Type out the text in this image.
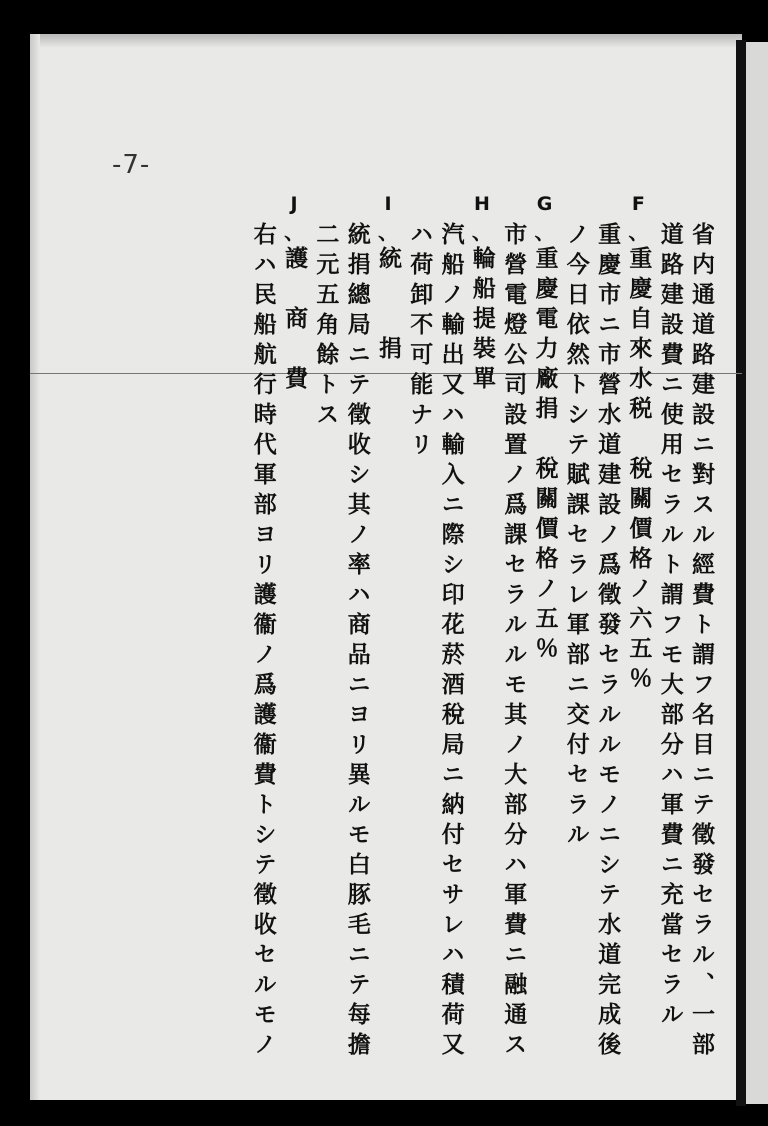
-7-
省内通道路建設ニ對スル經費ト謂フ名目ニテ徵發セラル、一部
道路建設費ニ使用セラルト謂フモ大部分ハ軍費ニ充當セラル
F
、
重慶自來水税　稅關價格ノ六五％
重慶市ニ市營水道建設ノ爲徵發セラルルモノニシテ水道完成後
ノ今日依然トシテ賦課セラレ軍部ニ交付セラル
G
、
重慶電力廠捐　稅關價格ノ五％
市營電燈公司設置ノ爲課セラルルモ其ノ大部分ハ軍費ニ融通ス
H
、
輪船提裝單
汽船ノ輸出又ハ輸入ニ際シ印花菸酒稅局ニ納付セサレハ積荷又
ハ荷卸不可能ナリ
I
、
統　　捐
統捐總局ニテ徵收シ其ノ率ハ商品ニヨリ異ルモ白豚毛ニテ每擔
二元五角餘トス
J
、
護　商　費
右ハ民船航行時代軍部ヨリ護衞ノ爲護衞費トシテ徵收セルモノ
